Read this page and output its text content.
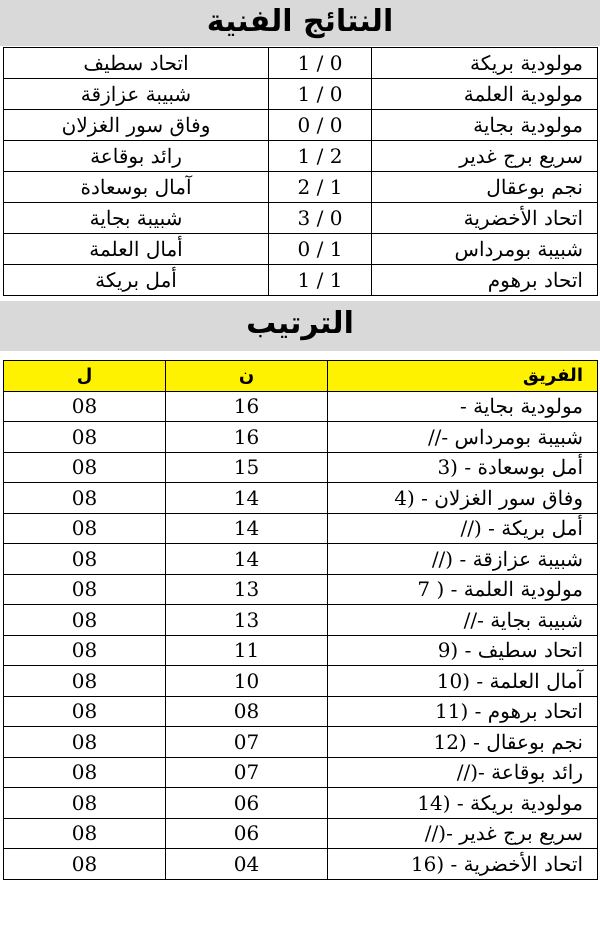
النتائج الفنية
اتحاد سطيف	1 / 0	مولودية بريكة
شبيبة عزازقة	1 / 0	مولودية العلمة
وفاق سور الغزلان	0 / 0	مولودية بجاية
رائد بوقاعة	1 / 2	سريع برج غدير
آمال بوسعادة	2 / 1	نجم بوعقال
شبيبة بجاية	3 / 0	اتحاد الأخضرية
أمال العلمة	0 / 1	شبيبة بومرداس
أمل بريكة	1 / 1	اتحاد برهوم
الترتيب
ل	ن	الفريق
08	16	- مولودية بجاية
08	16	//- شبيبة بومرداس
08	15	3) - أمل بوسعادة
08	14	4) - وفاق سور الغزلان
08	14	//) - أمل بريكة
08	14	//) - شبيبة عزازقة
08	13	7 ) - مولودية العلمة
08	13	//- شبيبة بجاية
08	11	9) - اتحاد سطيف
08	10	10) - آمال العلمة
08	08	11) - اتحاد برهوم
08	07	12) - نجم بوعقال
08	07	//)- رائد بوقاعة
08	06	14) - مولودية بريكة
08	06	//)- سريع برج غدير
08	04	16) - اتحاد الأخضرية
